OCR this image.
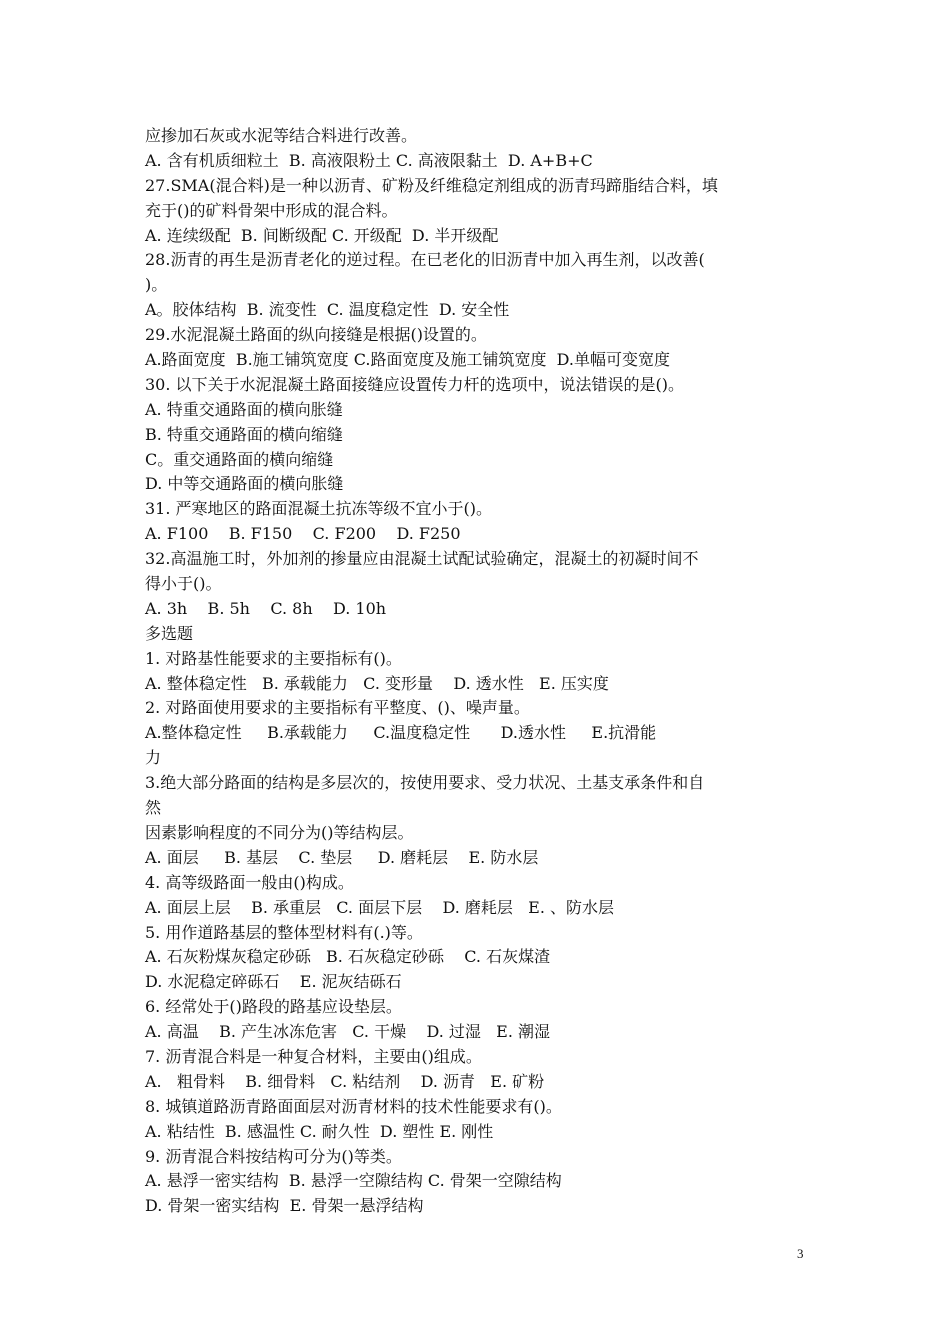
应掺加石灰或水泥等结合料进行改善。
A. 含有机质细粒土  B. 高液限粉土 C. 高液限黏土  D. A+B+C
27.SMA(混合料)是一种以沥青、矿粉及纤维稳定剂组成的沥青玛蹄脂结合料，填
充于()的矿料骨架中形成的混合料。
A. 连续级配  B. 间断级配 C. 开级配  D. 半开级配
28.沥青的再生是沥青老化的逆过程。在已老化的旧沥青中加入再生剂，以改善(
)。
A。胶体结构  B. 流变性  C. 温度稳定性  D. 安全性
29.水泥混凝土路面的纵向接缝是根据()设置的。
A.路面宽度  B.施工铺筑宽度 C.路面宽度及施工铺筑宽度  D.单幅可变宽度
30. 以下关于水泥混凝土路面接缝应设置传力杆的选项中，说法错误的是()。
A. 特重交通路面的横向胀缝
B. 特重交通路面的横向缩缝
C。重交通路面的横向缩缝
D. 中等交通路面的横向胀缝
31. 严寒地区的路面混凝土抗冻等级不宜小于()。
A. F100    B. F150    C. F200    D. F250
32.高温施工时，外加剂的掺量应由混凝土试配试验确定，混凝土的初凝时间不
得小于()。
A. 3h    B. 5h    C. 8h    D. 10h
多选题
1. 对路基性能要求的主要指标有()。
A. 整体稳定性   B. 承载能力   C. 变形量    D. 透水性   E. 压实度
2. 对路面使用要求的主要指标有平整度、()、噪声量。
A.整体稳定性     B.承载能力     C.温度稳定性      D.透水性     E.抗滑能
力
3.绝大部分路面的结构是多层次的，按使用要求、受力状况、土基支承条件和自
然
因素影响程度的不同分为()等结构层。
A. 面层     B. 基层    C. 垫层     D. 磨耗层    E. 防水层
4. 高等级路面一般由()构成。
A. 面层上层    B. 承重层   C. 面层下层    D. 磨耗层   E. 、防水层
5. 用作道路基层的整体型材料有(.)等。
A. 石灰粉煤灰稳定砂砾   B. 石灰稳定砂砾    C. 石灰煤渣
D. 水泥稳定碎砾石    E. 泥灰结砾石
6. 经常处于()路段的路基应设垫层。
A. 高温    B. 产生冰冻危害   C. 干燥    D. 过湿   E. 潮湿
7. 沥青混合料是一种复合材料，主要由()组成。
A.   粗骨料    B. 细骨料   C. 粘结剂    D. 沥青   E. 矿粉
8. 城镇道路沥青路面面层对沥青材料的技术性能要求有()。
A. 粘结性  B. 感温性 C. 耐久性  D. 塑性 E. 刚性
9. 沥青混合料按结构可分为()等类。
A. 悬浮一密实结构  B. 悬浮一空隙结构 C. 骨架一空隙结构
D. 骨架一密实结构  E. 骨架一悬浮结构
3
